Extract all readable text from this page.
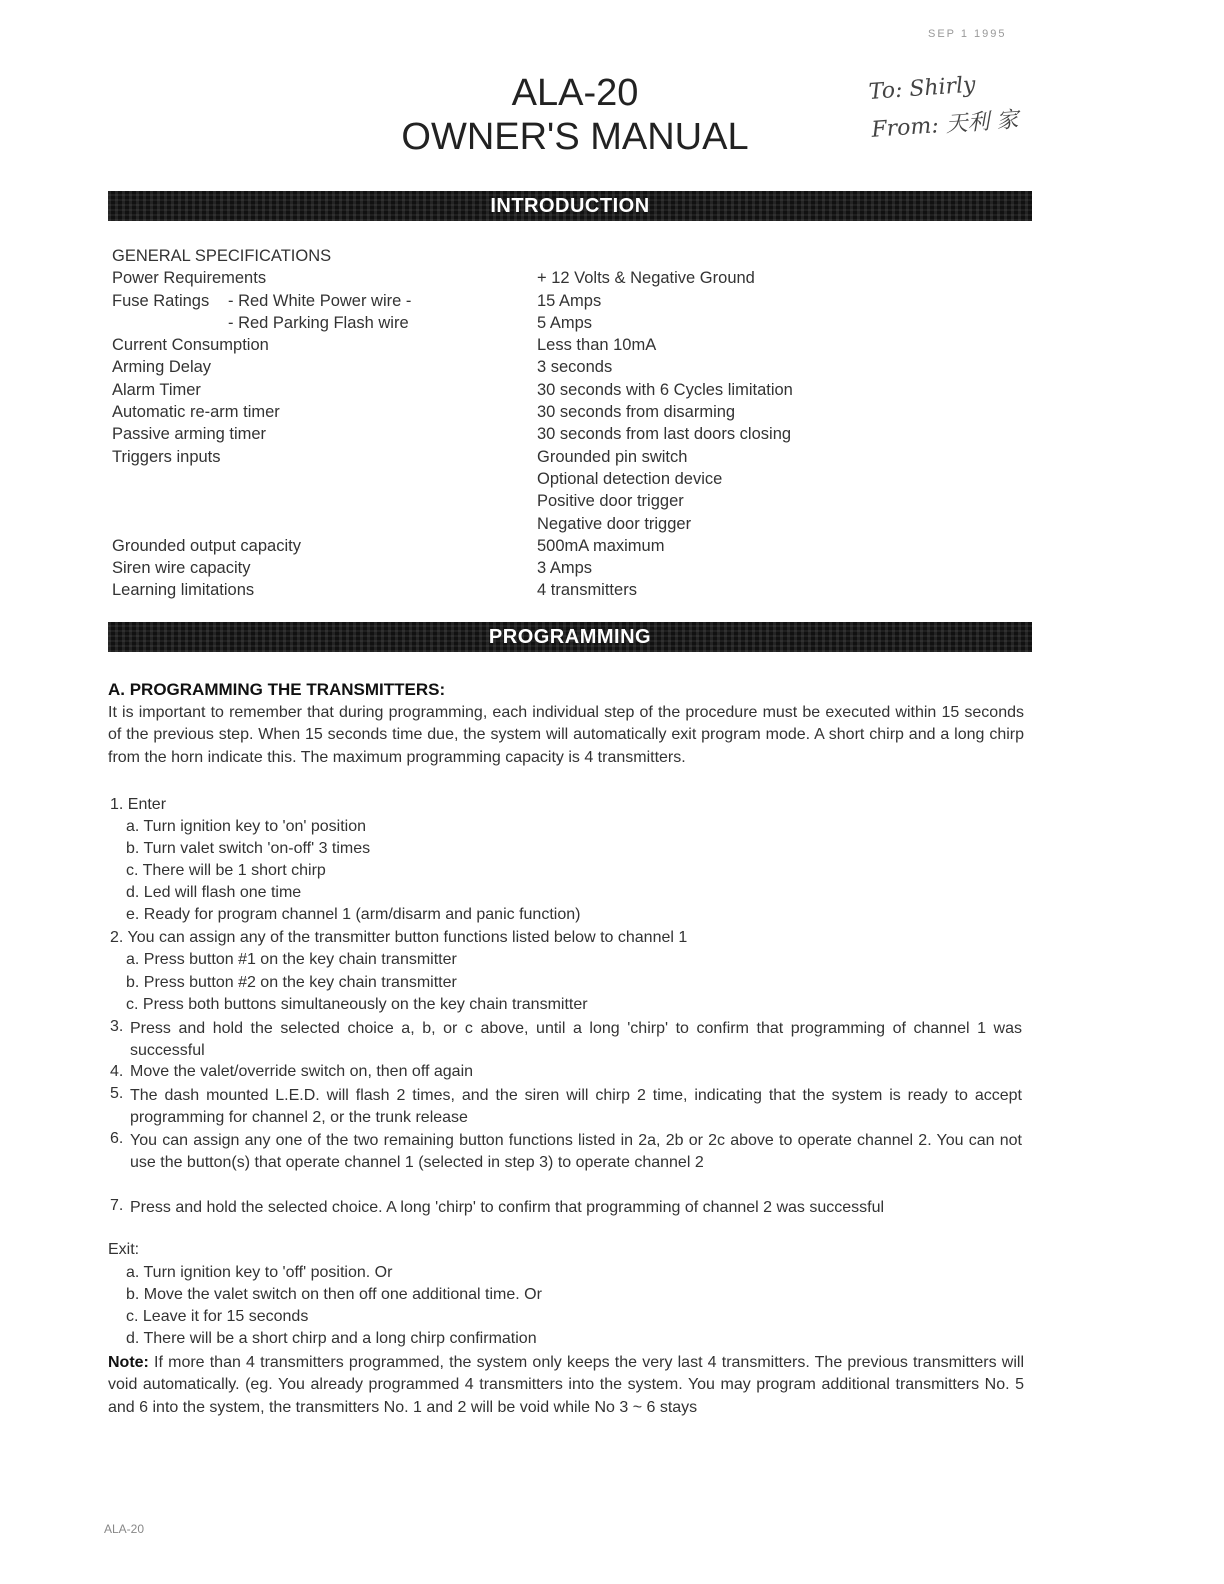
SEP 1 1995
ALA-20
OWNER'S MANUAL
To: Shirly
From: 天利 家
INTRODUCTION
GENERAL SPECIFICATIONS
Power Requirements	+ 12 Volts & Negative Ground
Fuse Ratings - Red White Power wire -	15 Amps
- Red Parking Flash wire	5 Amps
Current Consumption	Less than 10mA
Arming Delay	3 seconds
Alarm Timer	30 seconds with 6 Cycles limitation
Automatic re-arm timer	30 seconds from disarming
Passive arming timer	30 seconds from last doors closing
Triggers inputs	Grounded pin switch
Optional detection device
Positive door trigger
Negative door trigger
Grounded output capacity	500mA maximum
Siren wire capacity	3 Amps
Learning limitations	4 transmitters
PROGRAMMING
A. PROGRAMMING THE TRANSMITTERS:
It is important to remember that during programming, each individual step of the procedure must be executed within 15 seconds of the previous step. When 15 seconds time due, the system will automatically exit program mode. A short chirp and a long chirp from the horn indicate this. The maximum programming capacity is 4 transmitters.
1. Enter
a. Turn ignition key to 'on' position
b. Turn valet switch 'on-off' 3 times
c. There will be 1 short chirp
d. Led will flash one time
e. Ready for program channel 1 (arm/disarm and panic function)
2. You can assign any of the transmitter button functions listed below to channel 1
a. Press button #1 on the key chain transmitter
b. Press button #2 on the key chain transmitter
c. Press both buttons simultaneously on the key chain transmitter
3. Press and hold the selected choice a, b, or c above, until a long 'chirp' to confirm that programming of channel 1 was successful
4. Move the valet/override switch on, then off again
5. The dash mounted L.E.D. will flash 2 times, and the siren will chirp 2 time, indicating that the system is ready to accept programming for channel 2, or the trunk release
6. You can assign any one of the two remaining button functions listed in 2a, 2b or 2c above to operate channel 2. You can not use the button(s) that operate channel 1 (selected in step 3) to operate channel 2
7. Press and hold the selected choice. A long 'chirp' to confirm that programming of channel 2 was successful
Exit:
a. Turn ignition key to 'off' position. Or
b. Move the valet switch on then off one additional time. Or
c. Leave it for 15 seconds
d. There will be a short chirp and a long chirp confirmation
Note: If more than 4 transmitters programmed, the system only keeps the very last 4 transmitters. The previous transmitters will void automatically. (eg. You already programmed 4 transmitters into the system. You may program additional transmitters No. 5 and 6 into the system, the transmitters No. 1 and 2 will be void while No 3 ~ 6 stays
ALA-20
